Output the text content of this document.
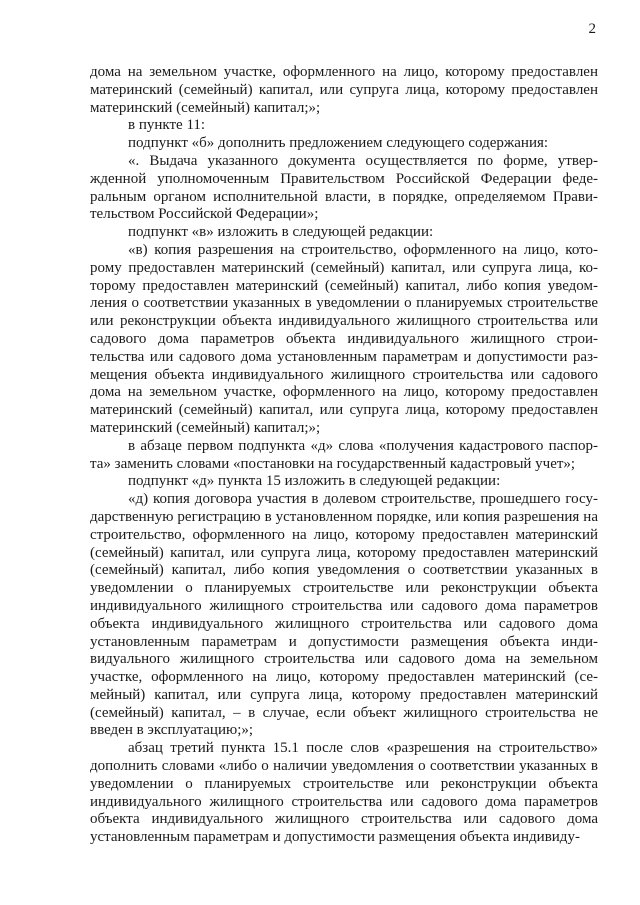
2

дома на земельном участке, оформленного на лицо, которому предоставлен материнский (семейный) капитал, или супруга лица, которому предоставлен материнский (семейный) капитал;»;

в пункте 11:

подпункт «б» дополнить предложением следующего содержания:

«. Выдача указанного документа осуществляется по форме, утвержденной уполномоченным Правительством Российской Федерации федеральным органом исполнительной власти, в порядке, определяемом Правительством Российской Федерации»;

подпункт «в» изложить в следующей редакции:

«в) копия разрешения на строительство, оформленного на лицо, которому предоставлен материнский (семейный) капитал, или супруга лица, которому предоставлен материнский (семейный) капитал, либо копия уведомления о соответствии указанных в уведомлении о планируемых строительстве или реконструкции объекта индивидуального жилищного строительства или садового дома параметров объекта индивидуального жилищного строительства или садового дома установленным параметрам и допустимости размещения объекта индивидуального жилищного строительства или садового дома на земельном участке, оформленного на лицо, которому предоставлен материнский (семейный) капитал, или супруга лица, которому предоставлен материнский (семейный) капитал;»;

в абзаце первом подпункта «д» слова «получения кадастрового паспорта» заменить словами «постановки на государственный кадастровый учет»;

подпункт «д» пункта 15 изложить в следующей редакции:

«д) копия договора участия в долевом строительстве, прошедшего государственную регистрацию в установленном порядке, или копия разрешения на строительство, оформленного на лицо, которому предоставлен материнский (семейный) капитал, или супруга лица, которому предоставлен материнский (семейный) капитал, либо копия уведомления о соответствии указанных в уведомлении о планируемых строительстве или реконструкции объекта индивидуального жилищного строительства или садового дома параметров объекта индивидуального жилищного строительства или садового дома установленным параметрам и допустимости размещения объекта индивидуального жилищного строительства или садового дома на земельном участке, оформленного на лицо, которому предоставлен материнский (семейный) капитал, или супруга лица, которому предоставлен материнский (семейный) капитал, – в случае, если объект жилищного строительства не введен в эксплуатацию;»;

абзац третий пункта 15.1 после слов «разрешения на строительство» дополнить словами «либо о наличии уведомления о соответствии указанных в уведомлении о планируемых строительстве или реконструкции объекта индивидуального жилищного строительства или садового дома параметров объекта индивидуального жилищного строительства или садового дома установленным параметрам и допустимости размещения объекта индивиду-
